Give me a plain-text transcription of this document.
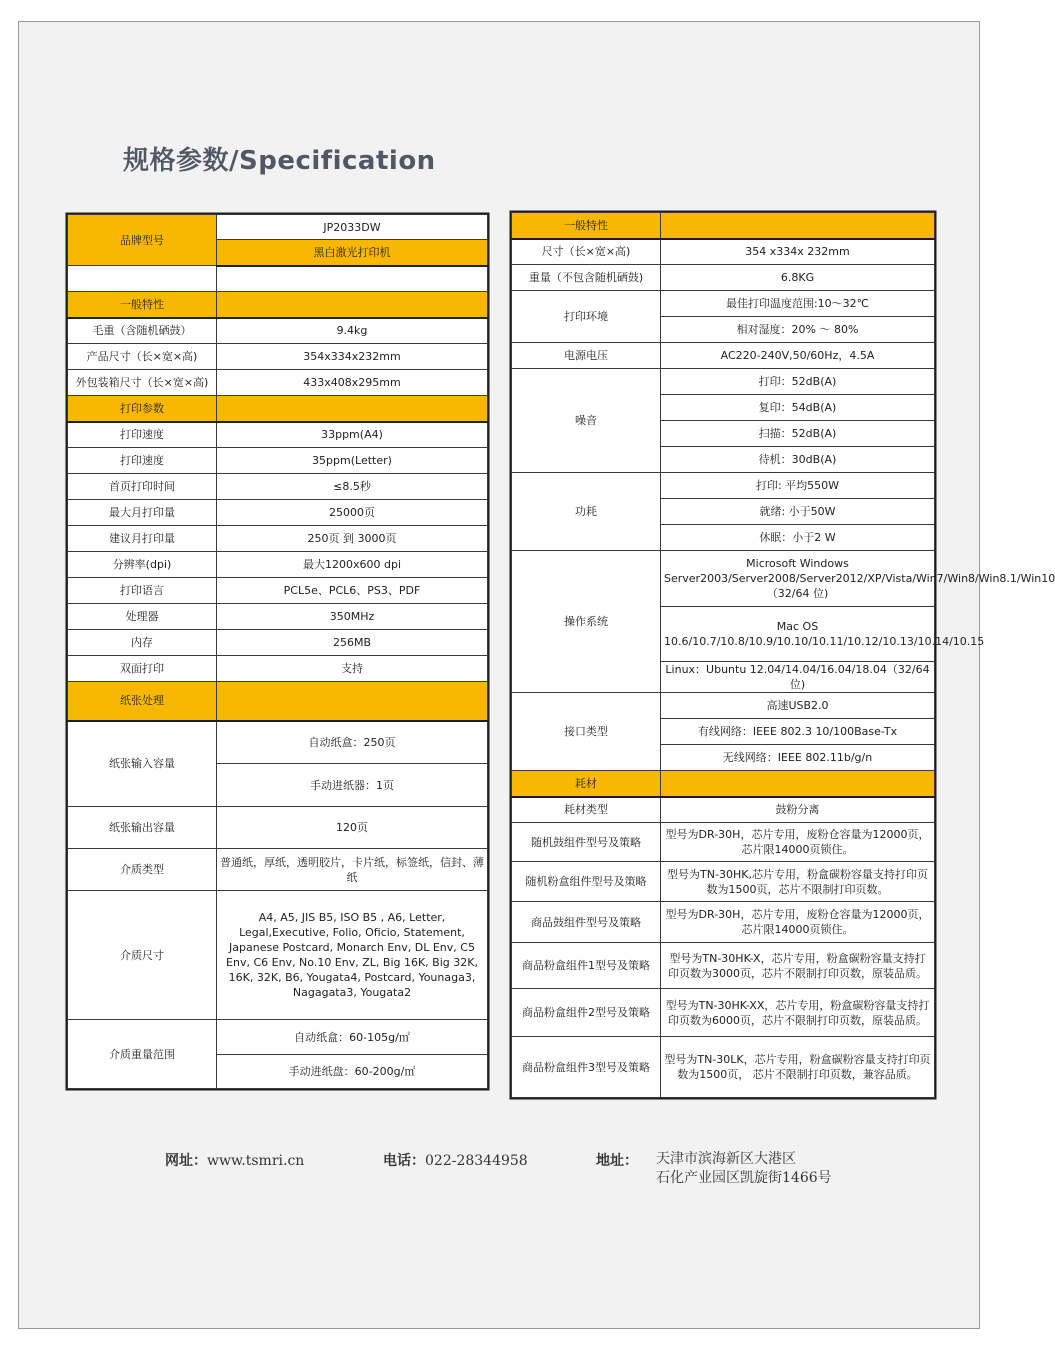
规格参数/Specification
品牌型号	JP2033DW
	黑白激光打印机

一般特性	
毛重（含随机硒鼓）	9.4kg
产品尺寸（长×宽×高)	354x334x232mm
外包装箱尺寸（长×宽×高)	433x408x295mm
打印参数	
打印速度	33ppm(A4)
打印速度	35ppm(Letter)
首页打印时间	≤8.5秒
最大月打印量	25000页
建议月打印量	250页 到 3000页
分辨率(dpi)	最大1200x600 dpi
打印语言	PCL5e、PCL6、PS3、PDF
处理器	350MHz
内存	256MB
双面打印	支持
纸张处理	
纸张输入容量	自动纸盒：250页
	手动进纸器：1页
纸张输出容量	120页
介质类型	普通纸，厚纸，透明胶片，卡片纸，标签纸，信封、薄纸
介质尺寸	A4, A5, JIS B5, ISO B5 , A6, Letter, Legal,Executive, Folio, Oficio, Statement, Japanese Postcard, Monarch Env, DL Env, C5 Env, C6 Env, No.10 Env, ZL, Big 16K, Big 32K, 16K, 32K, B6, Yougata4, Postcard, Younaga3, Nagagata3, Yougata2
介质重量范围	自动纸盒：60-105g/㎡
	手动进纸盘：60-200g/㎡
一般特性	
尺寸（长×宽×高)	354 x334x 232mm
重量（不包含随机硒鼓)	6.8KG
打印环境	最佳打印温度范围:10～32℃
	相对湿度：20% ～ 80%
电源电压	AC220-240V,50/60Hz，4.5A
噪音	打印：52dB(A)
	复印：54dB(A)
	扫描：52dB(A)
	待机：30dB(A)
功耗	打印: 平均550W
	就绪: 小于50W
	休眠：小于2 W
操作系统	Microsoft Windows Server2003/Server2008/Server2012/XP/Vista/Win7/Win8/Win8.1/Win10（32/64 位)
	Mac OS 10.6/10.7/10.8/10.9/10.10/10.11/10.12/10.13/10.14/10.15
	Linux：Ubuntu 12.04/14.04/16.04/18.04（32/64 位)
接口类型	高速USB2.0
	有线网络：IEEE 802.3 10/100Base-Tx
	无线网络：IEEE 802.11b/g/n
耗材	
耗材类型	鼓粉分离
随机鼓组件型号及策略	型号为DR-30H，芯片专用，废粉仓容量为12000页，芯片限14000页锁住。
随机粉盒组件型号及策略	型号为TN-30HK,芯片专用，粉盒碳粉容量支持打印页数为1500页，芯片不限制打印页数。
商品鼓组件型号及策略	型号为DR-30H，芯片专用，废粉仓容量为12000页，芯片限14000页锁住。
商品粉盒组件1型号及策略	型号为TN-30HK-X，芯片专用，粉盒碳粉容量支持打印页数为3000页，芯片不限制打印页数，原装品质。
商品粉盒组件2型号及策略	型号为TN-30HK-XX，芯片专用，粉盒碳粉容量支持打印页数为6000页，芯片不限制打印页数，原装品质。
商品粉盒组件3型号及策略	型号为TN-30LK，芯片专用，粉盒碳粉容量支持打印页数为1500页， 芯片不限制打印页数，兼容品质。
网址：www.tsmri.cn	电话：022-28344958	地址： 天津市滨海新区大港区
石化产业园区凯旋街1466号
